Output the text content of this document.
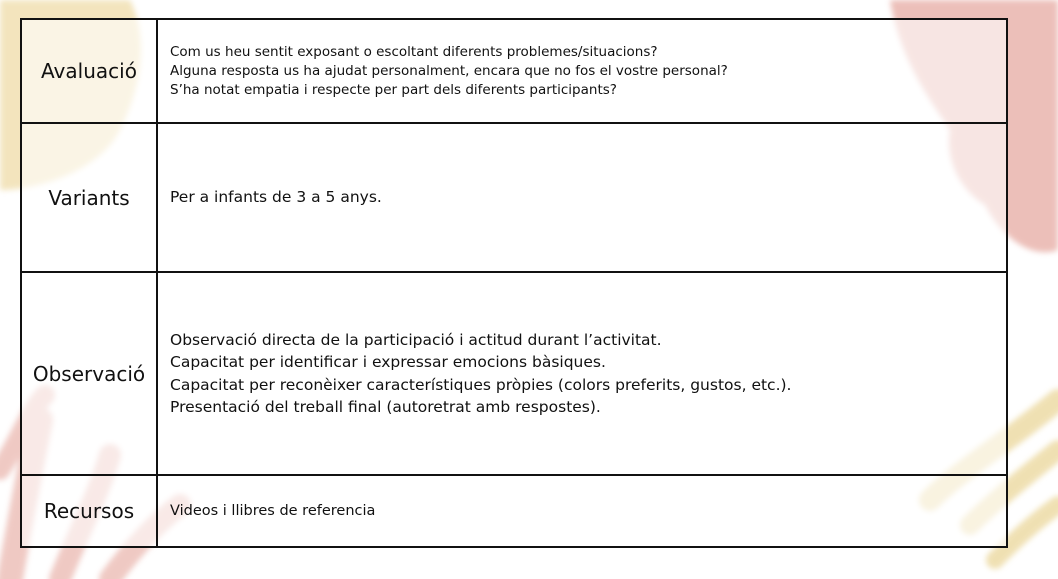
Avaluació	Com us heu sentit exposant o escoltant diferents problemes/situacions?
Alguna resposta us ha ajudat personalment, encara que no fos el vostre personal?
S’ha notat empatia i respecte per part dels diferents participants?

Variants	Per a infants de 3 a 5 anys.

Observació	Observació directa de la participació i actitud durant l’activitat.
Capacitat per identificar i expressar emocions bàsiques.
Capacitat per reconèixer característiques pròpies (colors preferits, gustos, etc.).
Presentació del treball final (autoretrat amb respostes).

Recursos	Videos i llibres de referencia
